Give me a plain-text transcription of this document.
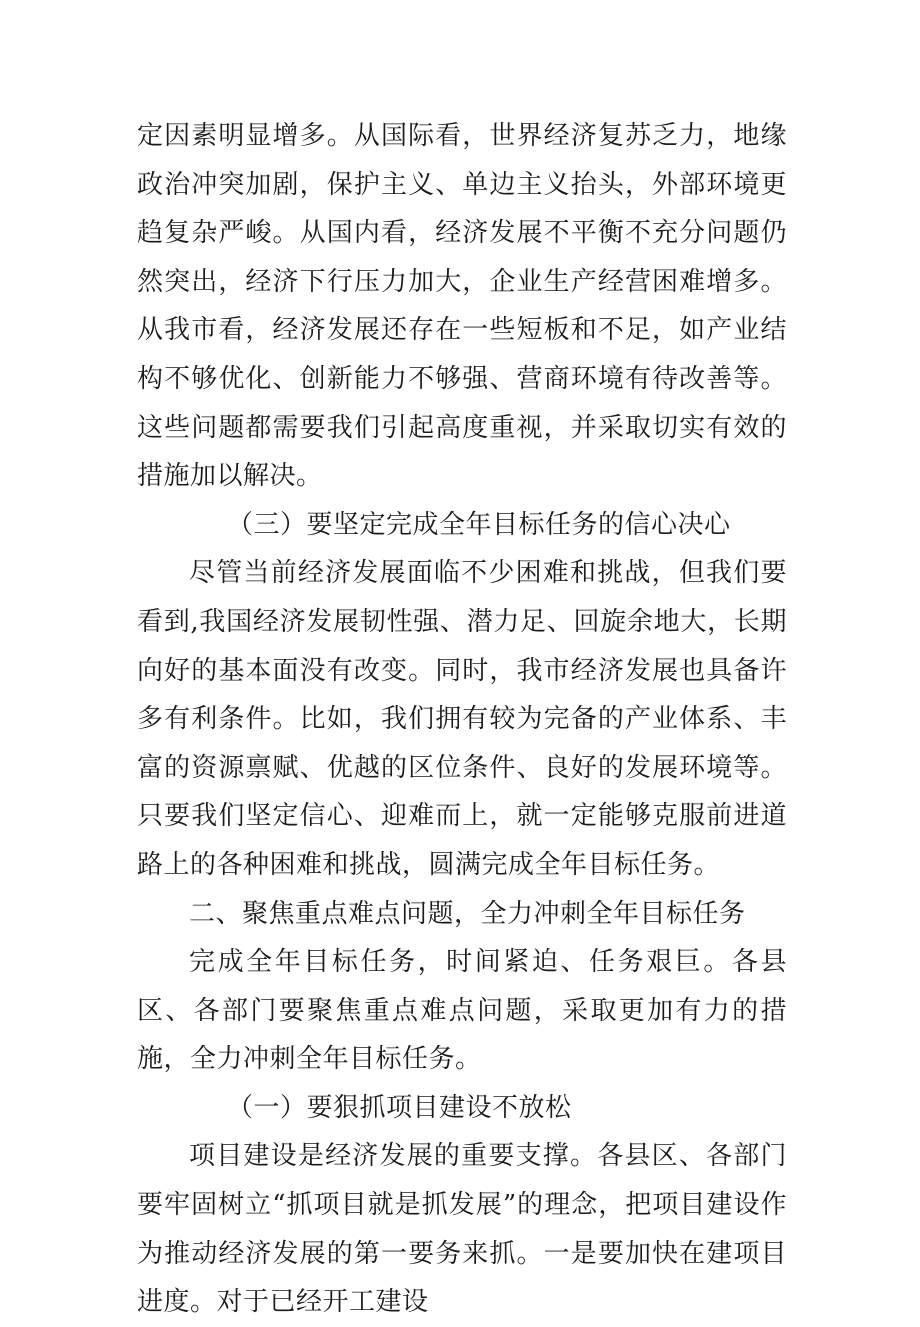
定因素明显增多。从国际看，世界经济复苏乏力，地缘政治冲突加剧，保护主义、单边主义抬头，外部环境更趋复杂严峻。从国内看，经济发展不平衡不充分问题仍然突出，经济下行压力加大，企业生产经营困难增多。从我市看，经济发展还存在一些短板和不足，如产业结构不够优化、创新能力不够强、营商环境有待改善等。这些问题都需要我们引起高度重视，并采取切实有效的措施加以解决。

（三）要坚定完成全年目标任务的信心决心

尽管当前经济发展面临不少困难和挑战，但我们要看到,我国经济发展韧性强、潜力足、回旋余地大，长期向好的基本面没有改变。同时，我市经济发展也具备许多有利条件。比如，我们拥有较为完备的产业体系、丰富的资源禀赋、优越的区位条件、良好的发展环境等。只要我们坚定信心、迎难而上，就一定能够克服前进道路上的各种困难和挑战，圆满完成全年目标任务。

二、聚焦重点难点问题，全力冲刺全年目标任务

完成全年目标任务，时间紧迫、任务艰巨。各县区、各部门要聚焦重点难点问题，采取更加有力的措施，全力冲刺全年目标任务。

（一）要狠抓项目建设不放松

项目建设是经济发展的重要支撑。各县区、各部门要牢固树立“抓项目就是抓发展”的理念，把项目建设作为推动经济发展的第一要务来抓。一是要加快在建项目进度。对于已经开工建设
